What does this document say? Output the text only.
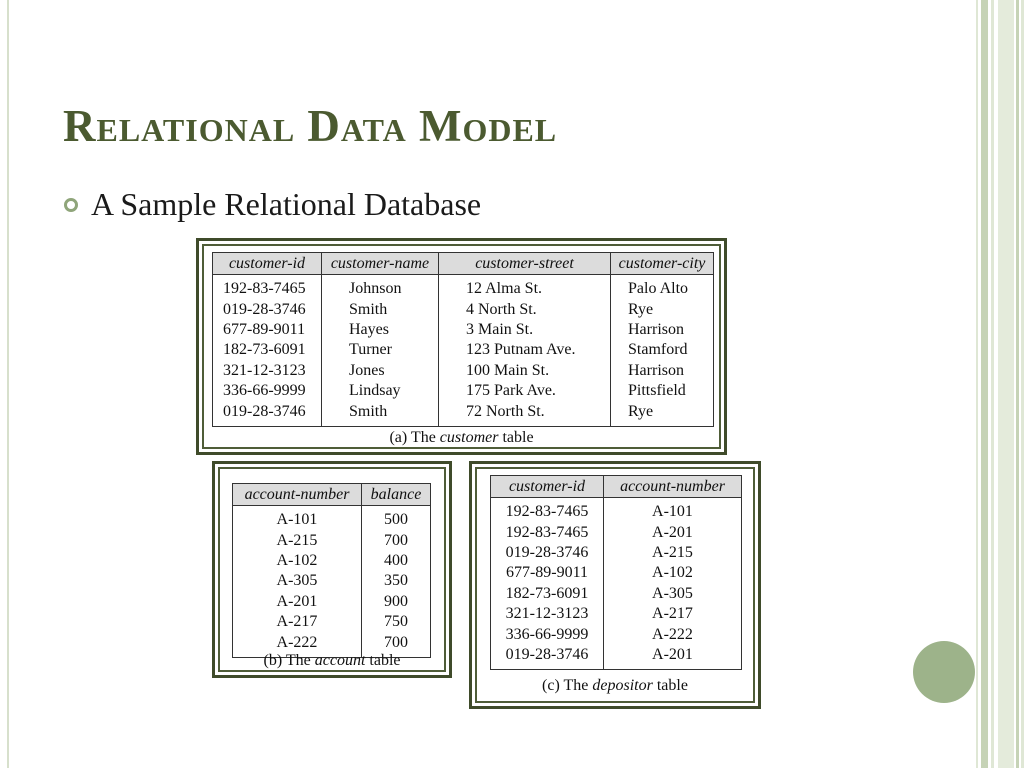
Relational Data Model
A Sample Relational Database
customer-id	customer-name	customer-street	customer-city

192-83-7465	Johnson	12 Alma St.	Palo Alto
019-28-3746	Smith	4 North St.	Rye
677-89-9011	Hayes	3 Main St.	Harrison
182-73-6091	Turner	123 Putnam Ave.	Stamford
321-12-3123	Jones	100 Main St.	Harrison
336-66-9999	Lindsay	175 Park Ave.	Pittsfield
019-28-3746	Smith	72 North St.	Rye

(a) The customer table
account-number	balance

A-101	500
A-215	700
A-102	400
A-305	350
A-201	900
A-217	750
A-222	700

(b) The account table
customer-id	account-number

192-83-7465	A-101
192-83-7465	A-201
019-28-3746	A-215
677-89-9011	A-102
182-73-6091	A-305
321-12-3123	A-217
336-66-9999	A-222
019-28-3746	A-201

(c) The depositor table
